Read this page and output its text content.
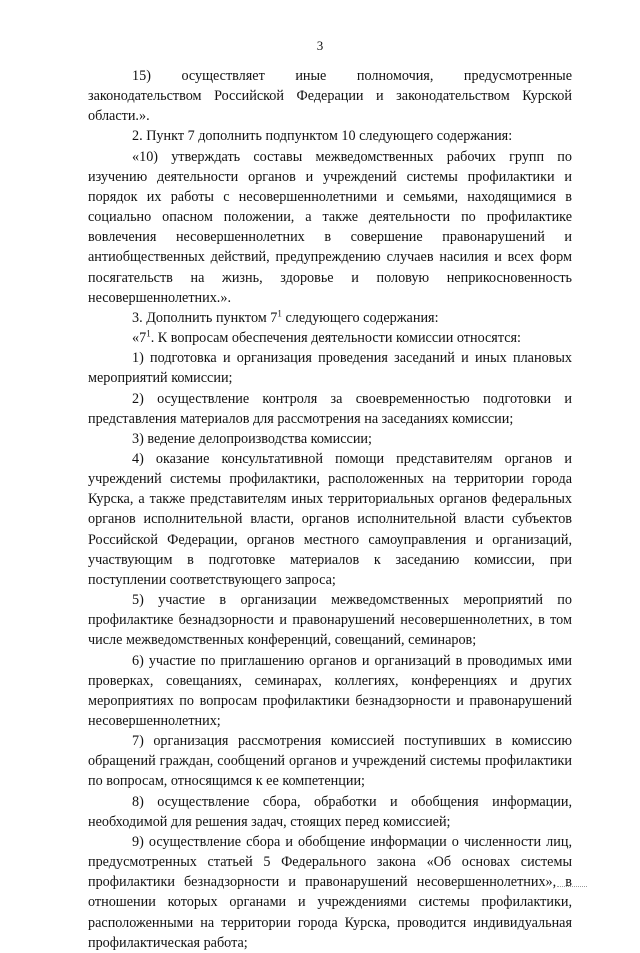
3

15) осуществляет иные полномочия, предусмотренные законодательством Российской Федерации и законодательством Курской области.».

2. Пункт 7 дополнить подпунктом 10 следующего содержания:

«10) утверждать составы межведомственных рабочих групп по изучению деятельности органов и учреждений системы профилактики и порядок их работы с несовершеннолетними и семьями, находящимися в социально опасном положении, а также деятельности по профилактике вовлечения несовершеннолетних в совершение правонарушений и антиобщественных действий, предупреждению случаев насилия и всех форм посягательств на жизнь, здоровье и половую неприкосновенность несовершеннолетних.».

3. Дополнить пунктом $7^1$ следующего содержания:

«$7^1$. К вопросам обеспечения деятельности комиссии относятся:

1) подготовка и организация проведения заседаний и иных плановых мероприятий комиссии;

2) осуществление контроля за своевременностью подготовки и представления материалов для рассмотрения на заседаниях комиссии;

3) ведение делопроизводства комиссии;

4) оказание консультативной помощи представителям органов и учреждений системы профилактики, расположенных на территории города Курска, а также представителям иных территориальных органов федеральных органов исполнительной власти, органов исполнительной власти субъектов Российской Федерации, органов местного самоуправления и организаций, участвующим в подготовке материалов к заседанию комиссии, при поступлении соответствующего запроса;

5) участие в организации межведомственных мероприятий по профилактике безнадзорности и правонарушений несовершеннолетних, в том числе межведомственных конференций, совещаний, семинаров;

6) участие по приглашению органов и организаций в проводимых ими проверках, совещаниях, семинарах, коллегиях, конференциях и других мероприятиях по вопросам профилактики безнадзорности и правонарушений несовершеннолетних;

7) организация рассмотрения комиссией поступивших в комиссию обращений граждан, сообщений органов и учреждений системы профилактики по вопросам, относящимся к ее компетенции;

8) осуществление сбора, обработки и обобщения информации, необходимой для решения задач, стоящих перед комиссией;

9) осуществление сбора и обобщение информации о численности лиц, предусмотренных статьей 5 Федерального закона «Об основах системы профилактики безнадзорности и правонарушений несовершеннолетних», в отношении которых органами и учреждениями системы профилактики, расположенными на территории города Курска, проводится индивидуальная профилактическая работа;
